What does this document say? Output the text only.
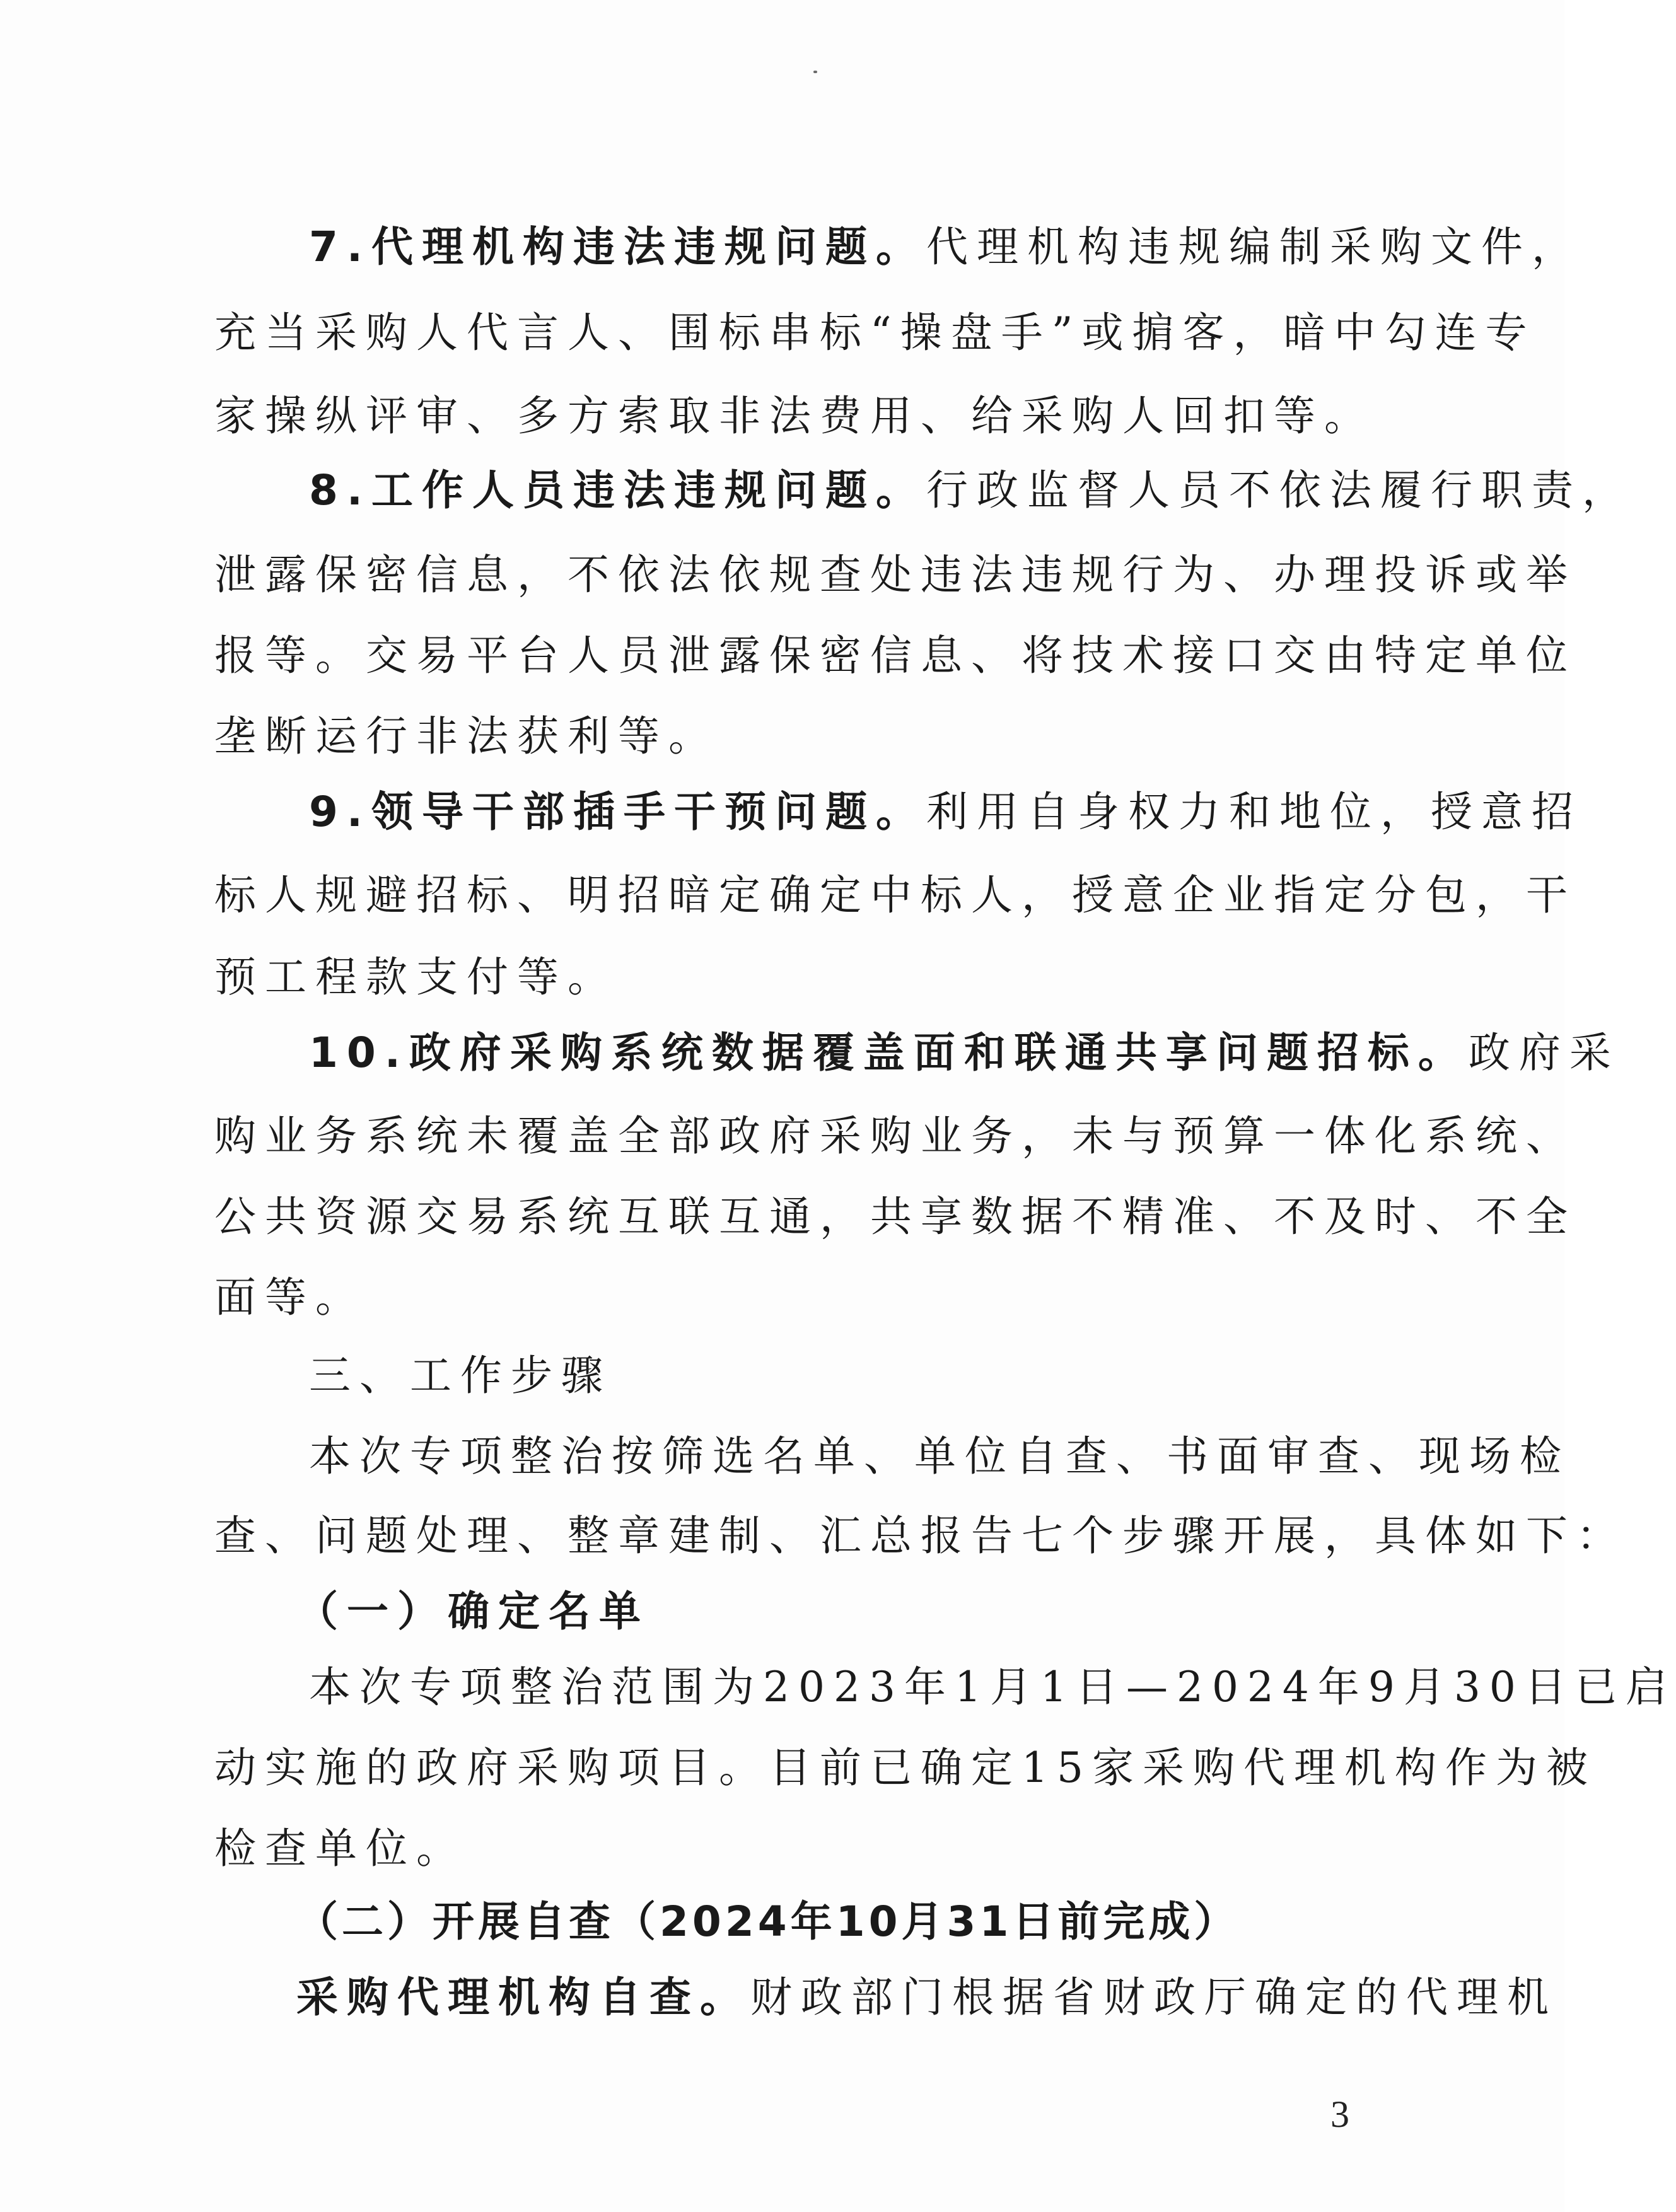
7.代理机构违法违规问题。代理机构违规编制采购文件，
充当采购人代言人、围标串标“操盘手”或掮客，暗中勾连专
家操纵评审、多方索取非法费用、给采购人回扣等。
8.工作人员违法违规问题。行政监督人员不依法履行职责，
泄露保密信息，不依法依规查处违法违规行为、办理投诉或举
报等。交易平台人员泄露保密信息、将技术接口交由特定单位
垄断运行非法获利等。
9.领导干部插手干预问题。利用自身权力和地位，授意招
标人规避招标、明招暗定确定中标人，授意企业指定分包，干
预工程款支付等。
10.政府采购系统数据覆盖面和联通共享问题招标。政府采
购业务系统未覆盖全部政府采购业务，未与预算一体化系统、
公共资源交易系统互联互通，共享数据不精准、不及时、不全
面等。
三、工作步骤
本次专项整治按筛选名单、单位自查、书面审查、现场检
查、问题处理、整章建制、汇总报告七个步骤开展，具体如下：
（一）确定名单
本次专项整治范围为2023年1月1日—2024年9月30日已启
动实施的政府采购项目。目前已确定15家采购代理机构作为被
检查单位。
（二）开展自查（2024年10月31日前完成）
采购代理机构自查。财政部门根据省财政厅确定的代理机
3
